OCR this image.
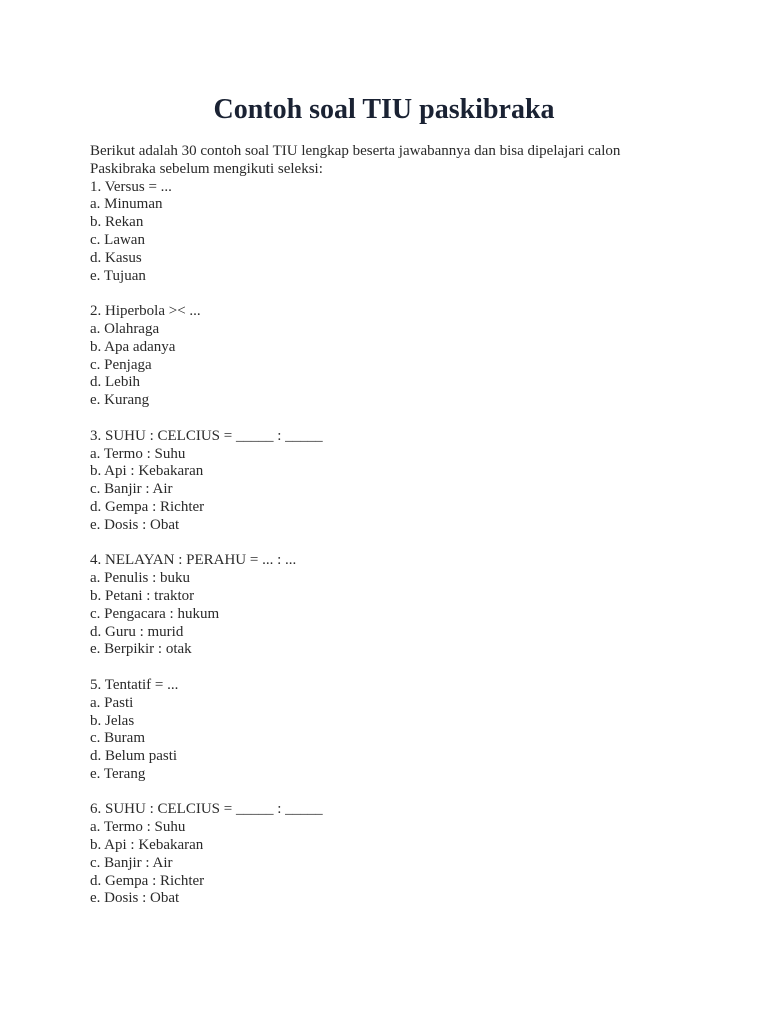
Contoh soal TIU paskibraka

Berikut adalah 30 contoh soal TIU lengkap beserta jawabannya dan bisa dipelajari calon
Paskibraka sebelum mengikuti seleksi:

1. Versus = ...
a. Minuman
b. Rekan
c. Lawan
d. Kasus
e. Tujuan
2. Hiperbola >< ...
a. Olahraga
b. Apa adanya
c. Penjaga
d. Lebih
e. Kurang
3. SUHU : CELCIUS = _____ : _____
a. Termo : Suhu
b. Api : Kebakaran
c. Banjir : Air
d. Gempa : Richter
e. Dosis : Obat
4. NELAYAN : PERAHU = ... : ...
a. Penulis : buku
b. Petani : traktor
c. Pengacara : hukum
d. Guru : murid
e. Berpikir : otak
5. Tentatif = ...
a. Pasti
b. Jelas
c. Buram
d. Belum pasti
e. Terang
6. SUHU : CELCIUS = _____ : _____
a. Termo : Suhu
b. Api : Kebakaran
c. Banjir : Air
d. Gempa : Richter
e. Dosis : Obat
